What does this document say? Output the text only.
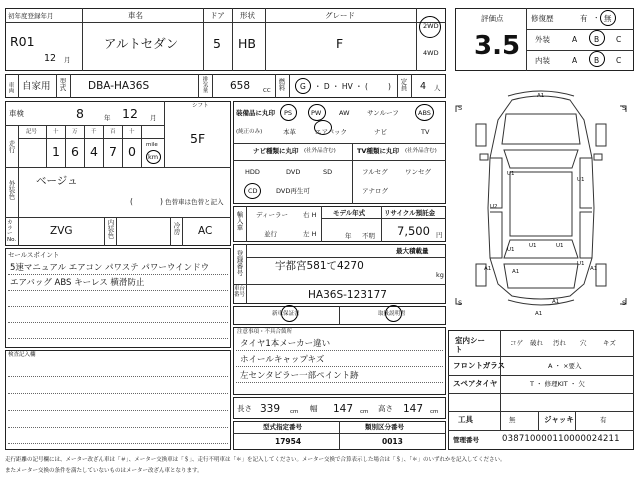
初年度登録年月	車名	ドア 形状	グレード
R01
12 月
アルトセダン	5 HB	F
2WD
4WD
評価点
3.5
修復歴	有 ・ 無
外装	A B C
内装	A B C
車両 自家用 型式 DBA-HA36S	排気量 658 CC 燃料 G ・ D ・ HV ・ (	) 定員 4 人
車検	8	年 12 月
シフト
5F
走行
記号	十 万 千 百 十
1 6 4 7 0 mile
km
外装色 ベージュ
(	) 色替車は色替と記入
カラー No.
ZVG	内装色	冷房 AC
装備品に丸印
(純正のみ)
PS	PW	AW	サンルーフ	ABS
本革	エアバック	ナビ	TV
ナビ種類に丸印 (社外品含む)
HDD	DVD	SD
CD	DVD再生可
TV種類に丸印 (社外品含む)
フルセグ	ワンセグ
アナログ
輸入車 ディーラー 右 H
並行	左 H
モデル年式
年 不明
リサイクル預託金
7,500 円
最大積載量
kg
登録番号	宇都宮581て4270
車台番号	HA36S-123177
セールスポイント
5速マニュアル エアコン パワステ パワーウインドウ
エアバッグ ABS キーレス 横滑防止
検査記入欄
新車保証書	取扱説明書
注意事項・不具合箇所
タイヤ1本メーカー違い
ホイールキャップキズ
左センタピラー一部ペイント跡
長さ 339 cm 幅 147 cm 高さ 147 cm
型式指定番号
17954
類別区分番号
0013
室内シート
コゲ 破れ 汚れ 穴	キズ
フロントガラス	A ・ ×要入
スペアタイヤ	T ・ 修理KIT ・ 欠
工具	無	ジャッキ	有
管理番号	038710000110000024211
S	S
S	S
A1
U1
U1
U2
U1	U1
U1
A1
U1
A1	A1
A1
A1
走行距離の記号欄には、メーター改ざん車は「＃」、メーター交換車は「＄」、走行不明車は「＊」を記入してください。メーター交換で合算表示した場合は「＄」、「＊」のいずれかを記入してください。
またメーター交換の条件を満たしていないものはメーター改ざん車となります。
